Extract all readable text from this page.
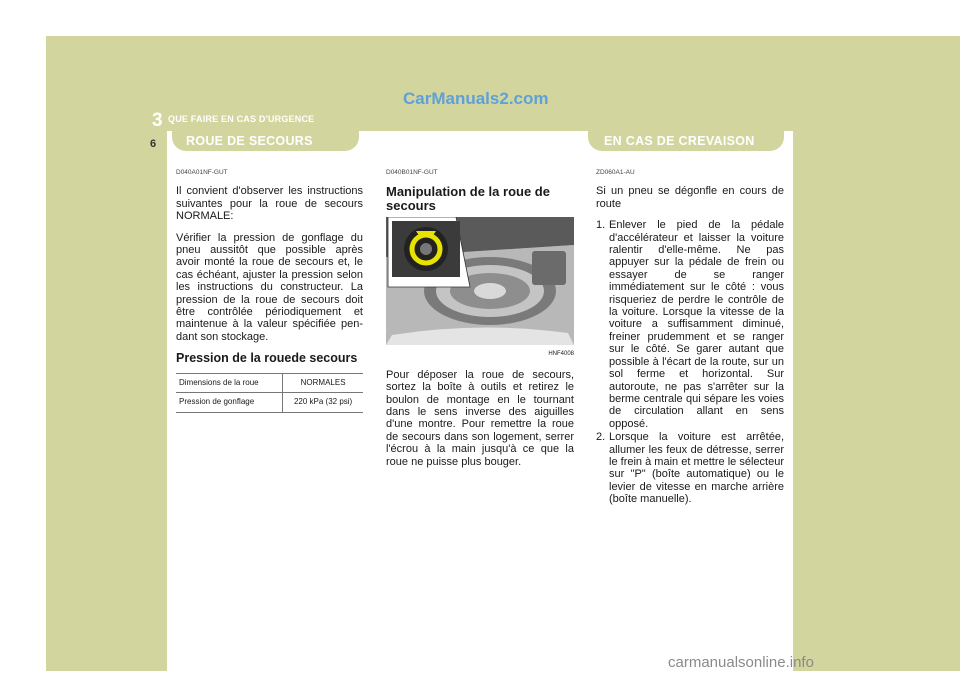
CarManuals2.com
3 QUE FAIRE EN CAS D'URGENCE
6	ROUE DE SECOURS	EN CAS DE CREVAISON
D040A01NF-GUT

Il convient d'observer les instructions suivantes pour la roue de secours NORMALE:

Vérifier la pression de gonflage du pneu aussitôt que possible après avoir monté la roue de secours et, le cas échéant, ajuster la pression selon les instructions du constructeur. La pression de la roue de secours doit être contrôlée périodiquement et maintenue à la valeur spécifiée pen-dant son stockage.

Pression de la rouede secours
Dimensions de la roue	NORMALES
Pression de gonflage	220 kPa (32 psi)
D040B01NF-GUT
Manipulation de la roue de secours
HNF4008

Pour déposer la roue de secours, sortez la boîte à outils et retirez le boulon de montage en le tournant dans le sens inverse des aiguilles d'une montre. Pour remettre la roue de secours dans son logement, serrer l'écrou à la main jusqu'à ce que la roue ne puisse plus bouger.

ZD060A1-AU

Si un pneu se dégonfle en cours de route

1. Enlever le pied de la pédale d'accélérateur et laisser la voiture ralentir d'elle-même. Ne pas appuyer sur la pédale de frein ou essayer de se ranger immédiatement sur le côté : vous risqueriez de perdre le contrôle de la voiture. Lorsque la vitesse de la voiture a suffisamment diminué, freiner prudemment et se ranger sur le côté. Se garer autant que possible à l'écart de la route, sur un sol ferme et horizontal. Sur autoroute, ne pas s'arrêter sur la berme centrale qui sépare les voies de circulation allant en sens opposé.
2. Lorsque la voiture est arrêtée, allumer les feux de détresse, serrer le frein à main et mettre le sélecteur sur "P" (boîte automatique) ou le levier de vitesse en marche arrière (boîte manuelle).
carmanualsonline.info
